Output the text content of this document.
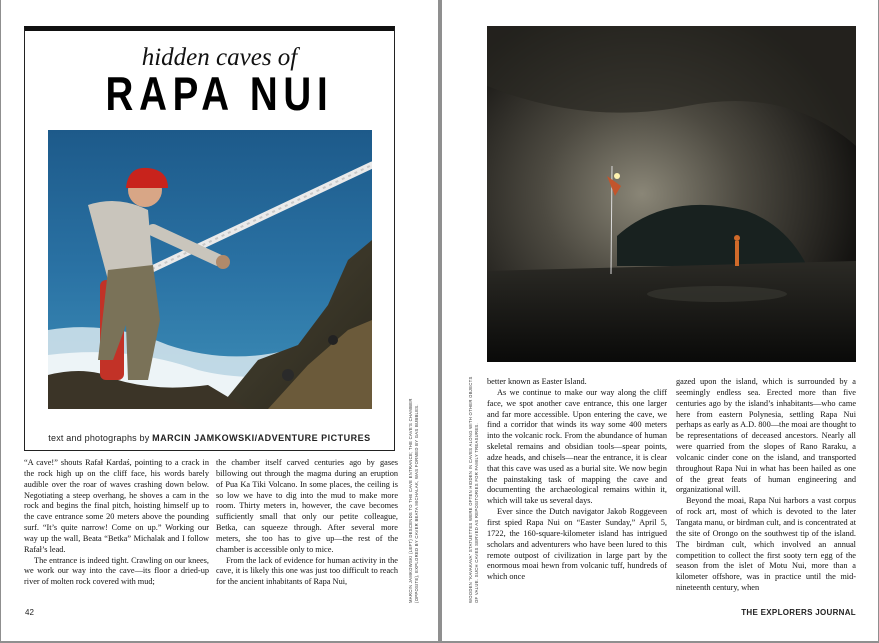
hidden caves of
RAPA NUI
text and photographs by MARCIN JAMKOWSKI/ADVENTURE PICTURES

“A cave!” shouts Rafał Kardaś, pointing to a crack in the rock high up on the cliff face, his words barely audible over the roar of waves crashing down below. Negotiating a steep overhang, he shoves a cam in the rock and begins the final pitch, hoisting himself up to the cave entrance some 20 meters above the pounding surf. “It’s quite narrow! Come on up.” Working our way up the wall, Beata “Betka” Michalak and I follow Rafał’s lead.

The entrance is indeed tight. Crawling on our knees, we work our way into the cave—its floor a dried-up river of molten rock covered with mud;

the chamber itself carved centuries ago by gases billowing out through the magma during an eruption of Pua Ka Tiki Volcano. In some places, the ceiling is so low we have to dig into the mud to make more room. Thirty meters in, however, the cave becomes sufficiently small that only our petite colleague, Betka, can squeeze through. After several more meters, she too has to give up—the rest of the chamber is accessible only to mice.

From the lack of evidence for human activity in the cave, it is likely this one was just too difficult to reach for the ancient inhabitants of Rapa Nui,	MARCIN JAMKOWSKI (LEFT) DESCENDS TO THE CAVE ENTRANCE; THE CAVE'S CHAMBER (OPPOSITE), EXPLORED BY CAVER BEATA MICHALAK, WAS FORMED BY GAS BUBBLES.
42

better known as Easter Island.

As we continue to make our way along the cliff face, we spot another cave entrance, this one larger and far more accessible. Upon entering the cave, we find a corridor that winds its way some 400 meters into the volcanic rock. From the abundance of human skeletal remains and obsidian tools—spear points, adze heads, and chisels—near the entrance, it is clear that this cave was used as a burial site. We now begin the painstaking task of mapping the cave and documenting the archaeological remains within it, which will take us several days.

Ever since the Dutch navigator Jakob Roggeveen first spied Rapa Nui on “Easter Sunday,” April 5, 1722, the 160-square-kilometer island has intrigued scholars and adventurers who have been lured to this remote outpost of civilization in large part by the enormous moai hewn from volcanic tuff, hundreds of which once

gazed upon the island, which is surrounded by a seemingly endless sea. Erected more than five centuries ago by the island’s inhabitants—who came here from eastern Polynesia, settling Rapa Nui perhaps as early as A.D. 800—the moai are thought to be representations of deceased ancestors. Nearly all were quarried from the slopes of Rano Raraku, a volcanic cinder cone on the island, and transported throughout Rapa Nui in what has been hailed as one of the great feats of human engineering and organizational will.

Beyond the moai, Rapa Nui harbors a vast corpus of rock art, most of which is devoted to the later Tangata manu, or birdman cult, and is concentrated at the site of Orongo on the southwest tip of the island. The birdman cult, which involved an annual competition to collect the first sooty tern egg of the season from the islet of Motu Nui, more than a kilometer offshore, was in practice until the mid-nineteenth century, when

WOODEN “KAVAKAVA” STATUETTES WERE OFTEN HIDDEN IN CAVES ALONG WITH OTHER OBJECTS OF VALUE. SUCH CAVES SERVED AS REPOSITORIES FOR FAMILY TREASURES.
THE EXPLORERS JOURNAL
